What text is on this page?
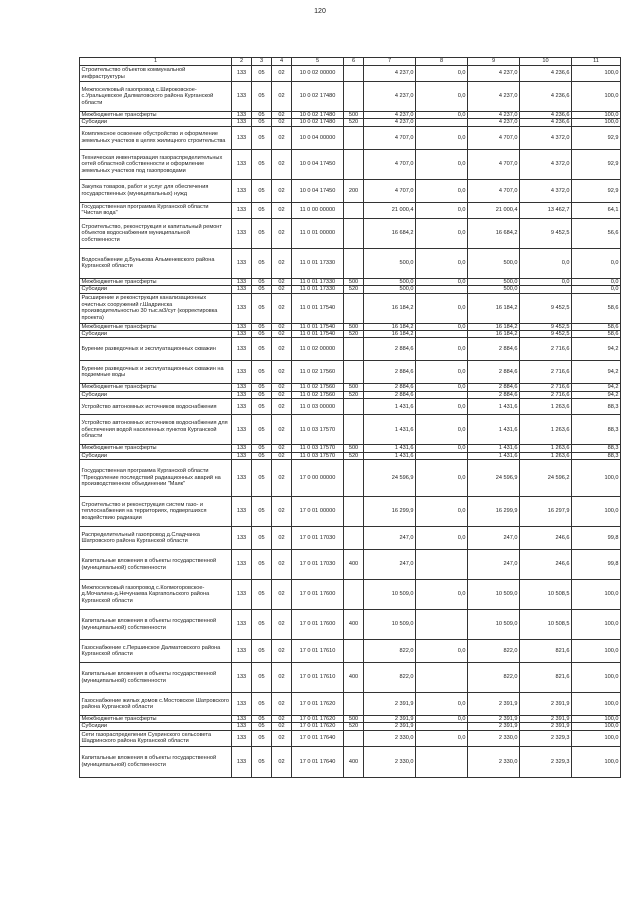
120
1	2	3	4	5	6	7	8	9	10	11
Строительство объектов коммунальной инфраструктуры	133	05	02	10 0 02 00000		4 237,0	0,0	4 237,0	4 236,6	100,0
Межпоселковый газопровод с.Широковское-с.Уральцевское Далматовского района Курганской области	133	05	02	10 0 02 17480		4 237,0	0,0	4 237,0	4 236,6	100,0
Межбюджетные трансферты	133	05	02	10 0 02 17480	500	4 237,0	0,0	4 237,0	4 236,6	100,0
Субсидии	133	05	02	10 0 02 17480	520	4 237,0		4 237,0	4 236,6	100,0
Комплексное освоение обустройство и оформление земельных участков в целях жилищного строительства	133	05	02	10 0 04 00000		4 707,0	0,0	4 707,0	4 372,0	92,9
Техническая инвентаризация газораспределительных сетей областной собственности и оформление земельных участков под газопроводами	133	05	02	10 0 04 17450		4 707,0	0,0	4 707,0	4 372,0	92,9
Закупка товаров, работ и услуг для обеспечения государственных (муниципальных) нужд	133	05	02	10 0 04 17450	200	4 707,0	0,0	4 707,0	4 372,0	92,9
Государственная программа Курганской области "Чистая вода"	133	05	02	11 0 00 00000		21 000,4	0,0	21 000,4	13 462,7	64,1
Строительство, реконструкция и капитальный ремонт объектов водоснабжения муниципальной собственности	133	05	02	11 0 01 00000		16 684,2	0,0	16 684,2	9 452,5	56,6
Водоснабжение д.Бунькова Альменевского района Курганской области	133	05	02	11 0 01 17330		500,0	0,0	500,0	0,0	0,0
Межбюджетные трансферты	133	05	02	11 0 01 17330	500	500,0	0,0	500,0	0,0	0,0
Субсидии	133	05	02	11 0 01 17330	520	500,0		500,0		0,0
Расширение и реконструкция канализационных очистных сооружений г.Шадринска производительностью 30 тыс.м3/сут (корректировка проекта)	133	05	02	11 0 01 17540		16 184,2	0,0	16 184,2	9 452,5	58,6
Межбюджетные трансферты	133	05	02	11 0 01 17540	500	16 184,2	0,0	16 184,2	9 452,5	58,6
Субсидии	133	05	02	11 0 01 17540	520	16 184,2		16 184,2	9 452,5	58,6
Бурение разведочных и эксплуатационных скважин	133	05	02	11 0 02 00000		2 884,6	0,0	2 884,6	2 716,6	94,2
Бурение разведочных и эксплуатационных скважин на подземные воды	133	05	02	11 0 02 17560		2 884,6	0,0	2 884,6	2 716,6	94,2
Межбюджетные трансферты	133	05	02	11 0 02 17560	500	2 884,6	0,0	2 884,6	2 716,6	94,2
Субсидии	133	05	02	11 0 02 17560	520	2 884,6		2 884,6	2 716,6	94,2
Устройство автономных источников водоснабжения	133	05	02	11 0 03 00000		1 431,6	0,0	1 431,6	1 263,6	88,3
Устройство автономных источников водоснабжения для обеспечения водой населенных пунктов Курганской области	133	05	02	11 0 03 17570		1 431,6	0,0	1 431,6	1 263,6	88,3
Межбюджетные трансферты	133	05	02	11 0 03 17570	500	1 431,6	0,0	1 431,6	1 263,6	88,3
Субсидии	133	05	02	11 0 03 17570	520	1 431,6		1 431,6	1 263,6	88,3
Государственная программа Курганской области "Преодоление последствий радиационных аварий на производственном объединении "Маяк"	133	05	02	17 0 00 00000		24 596,9	0,0	24 596,9	24 596,2	100,0
Строительство и реконструкция систем газо- и теплоснабжения на территориях, подвергшихся воздействию радиации	133	05	02	17 0 01 00000		16 299,9	0,0	16 299,9	16 297,9	100,0
Распределительный газопровод д.Сладчанка Шатровского района Курганской области	133	05	02	17 0 01 17030		247,0	0,0	247,0	246,6	99,8
Капитальные вложения в объекты государственной (муниципальной) собственности	133	05	02	17 0 01 17030	400	247,0		247,0	246,6	99,8
Межпоселковый газопровод с.Колмогоровское-д.Мочалина-д.Нечунаева Каргапольского района Курганской области	133	05	02	17 0 01 17600		10 509,0	0,0	10 509,0	10 508,5	100,0
Капитальные вложения в объекты государственной (муниципальной) собственности	133	05	02	17 0 01 17600	400	10 509,0		10 509,0	10 508,5	100,0
Газоснабжение с.Першинское Далматовского района Курганской области	133	05	02	17 0 01 17610		822,0	0,0	822,0	821,6	100,0
Капитальные вложения в объекты государственной (муниципальной) собственности	133	05	02	17 0 01 17610	400	822,0		822,0	821,6	100,0
Газоснабжение жилых домов с.Мостовское Шатровского района Курганской области	133	05	02	17 0 01 17620		2 391,9	0,0	2 391,9	2 391,9	100,0
Межбюджетные трансферты	133	05	02	17 0 01 17620	500	2 391,9	0,0	2 391,9	2 391,9	100,0
Субсидии	133	05	02	17 0 01 17620	520	2 391,9		2 391,9	2 391,9	100,0
Сети газораспределения Сухринского сельсовета Шадринского района Курганской области	133	05	02	17 0 01 17640		2 330,0	0,0	2 330,0	2 329,3	100,0
Капитальные вложения в объекты государственной (муниципальной) собственности	133	05	02	17 0 01 17640	400	2 330,0		2 330,0	2 329,3	100,0
